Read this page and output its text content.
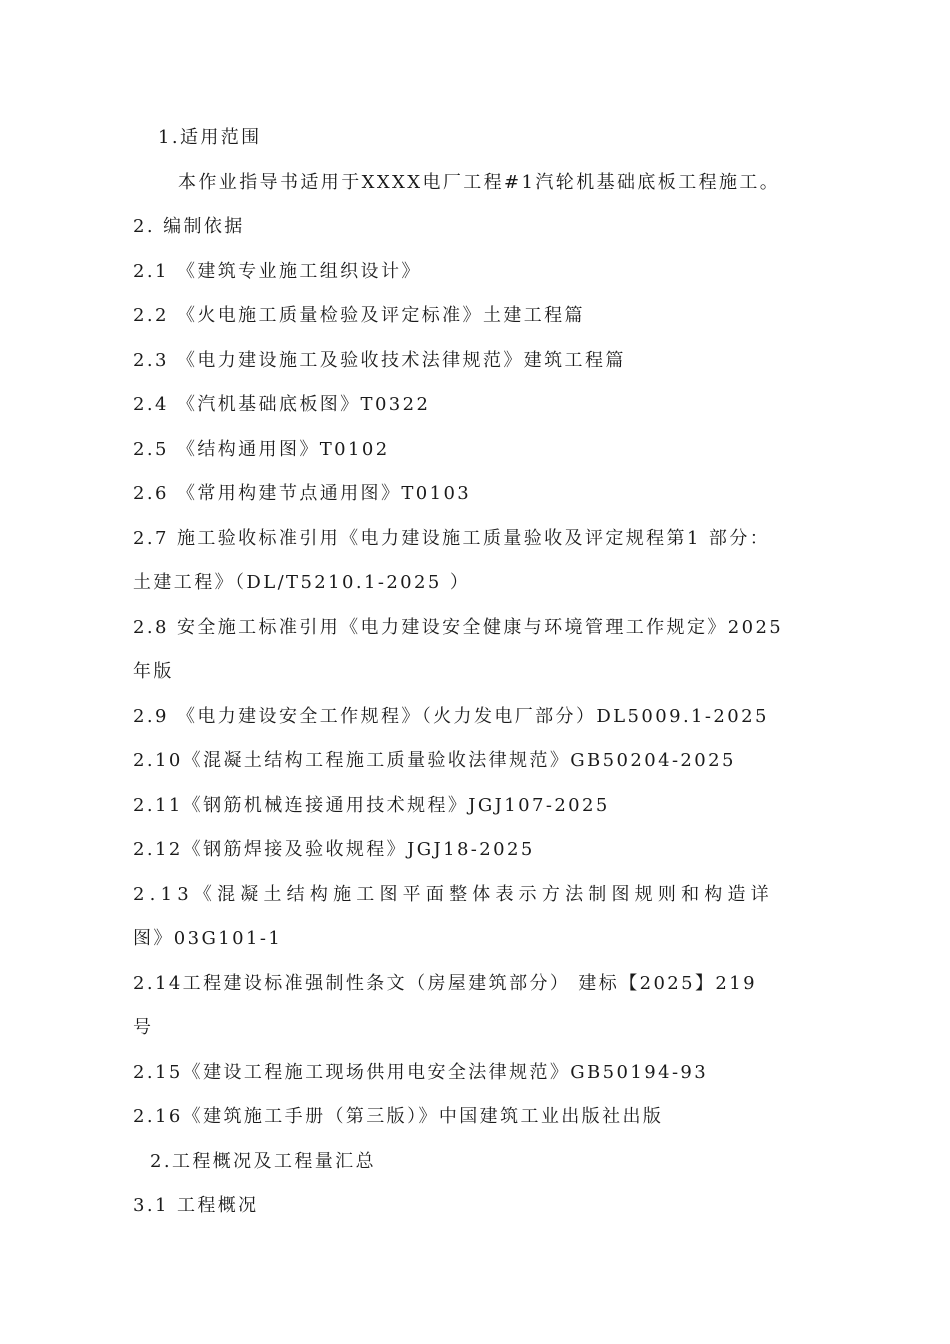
1.适用范围
本作业指导书适用于XXXX电厂工程#1汽轮机基础底板工程施工。
2. 编制依据
2.1 《建筑专业施工组织设计》
2.2 《火电施工质量检验及评定标准》土建工程篇
2.3 《电力建设施工及验收技术法律规范》建筑工程篇
2.4 《汽机基础底板图》T0322
2.5 《结构通用图》T0102
2.6 《常用构建节点通用图》T0103
2.7 施工验收标准引用《电力建设施工质量验收及评定规程第1 部分：
土建工程》（DL/T5210.1-2025 ）
2.8 安全施工标准引用《电力建设安全健康与环境管理工作规定》2025
年版
2.9 《电力建设安全工作规程》（火力发电厂部分）DL5009.1-2025
2.10《混凝土结构工程施工质量验收法律规范》GB50204-2025
2.11《钢筋机械连接通用技术规程》JGJ107-2025
2.12《钢筋焊接及验收规程》JGJ18-2025
2.13《混凝土结构施工图平面整体表示方法制图规则和构造详
图》03G101-1
2.14工程建设标准强制性条文（房屋建筑部分） 建标【2025】219
号
2.15《建设工程施工现场供用电安全法律规范》GB50194-93
2.16《建筑施工手册（第三版）》中国建筑工业出版社出版
2.工程概况及工程量汇总
3.1 工程概况
